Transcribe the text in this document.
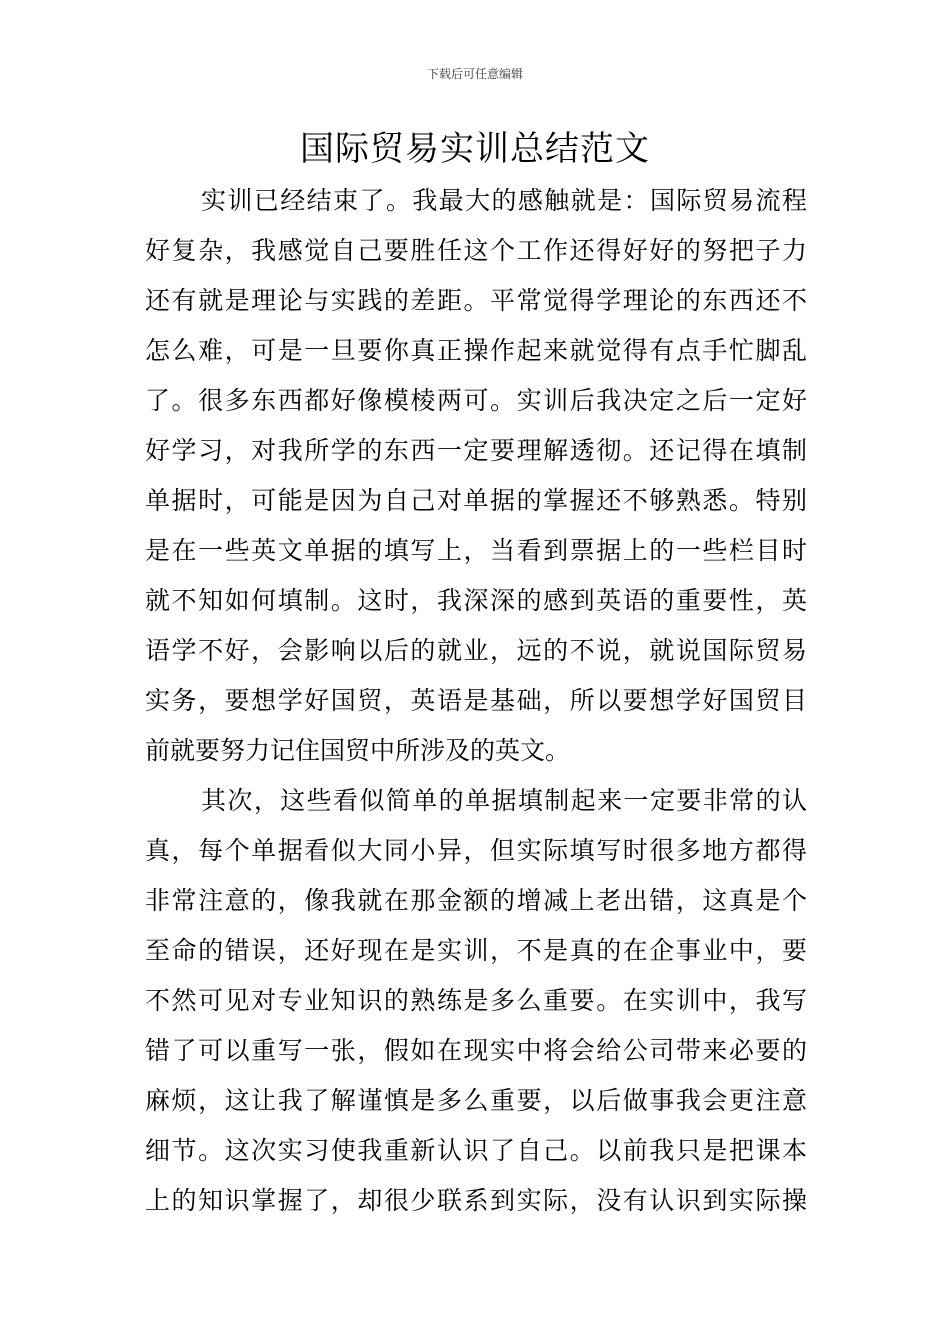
下载后可任意编辑
国际贸易实训总结范文
实训已经结束了。我最大的感触就是：国际贸易流程
好复杂，我感觉自己要胜任这个工作还得好好的努把子力
还有就是理论与实践的差距。平常觉得学理论的东西还不
怎么难，可是一旦要你真正操作起来就觉得有点手忙脚乱
了。很多东西都好像模棱两可。实训后我决定之后一定好
好学习，对我所学的东西一定要理解透彻。还记得在填制
单据时，可能是因为自己对单据的掌握还不够熟悉。特别
是在一些英文单据的填写上，当看到票据上的一些栏目时
就不知如何填制。这时，我深深的感到英语的重要性，英
语学不好，会影响以后的就业，远的不说，就说国际贸易
实务，要想学好国贸，英语是基础，所以要想学好国贸目
前就要努力记住国贸中所涉及的英文。
其次，这些看似简单的单据填制起来一定要非常的认
真，每个单据看似大同小异，但实际填写时很多地方都得
非常注意的，像我就在那金额的增减上老出错，这真是个
至命的错误，还好现在是实训，不是真的在企事业中，要
不然可见对专业知识的熟练是多么重要。在实训中，我写
错了可以重写一张，假如在现实中将会给公司带来必要的
麻烦，这让我了解谨慎是多么重要，以后做事我会更注意
细节。这次实习使我重新认识了自己。以前我只是把课本
上的知识掌握了，却很少联系到实际，没有认识到实际操
